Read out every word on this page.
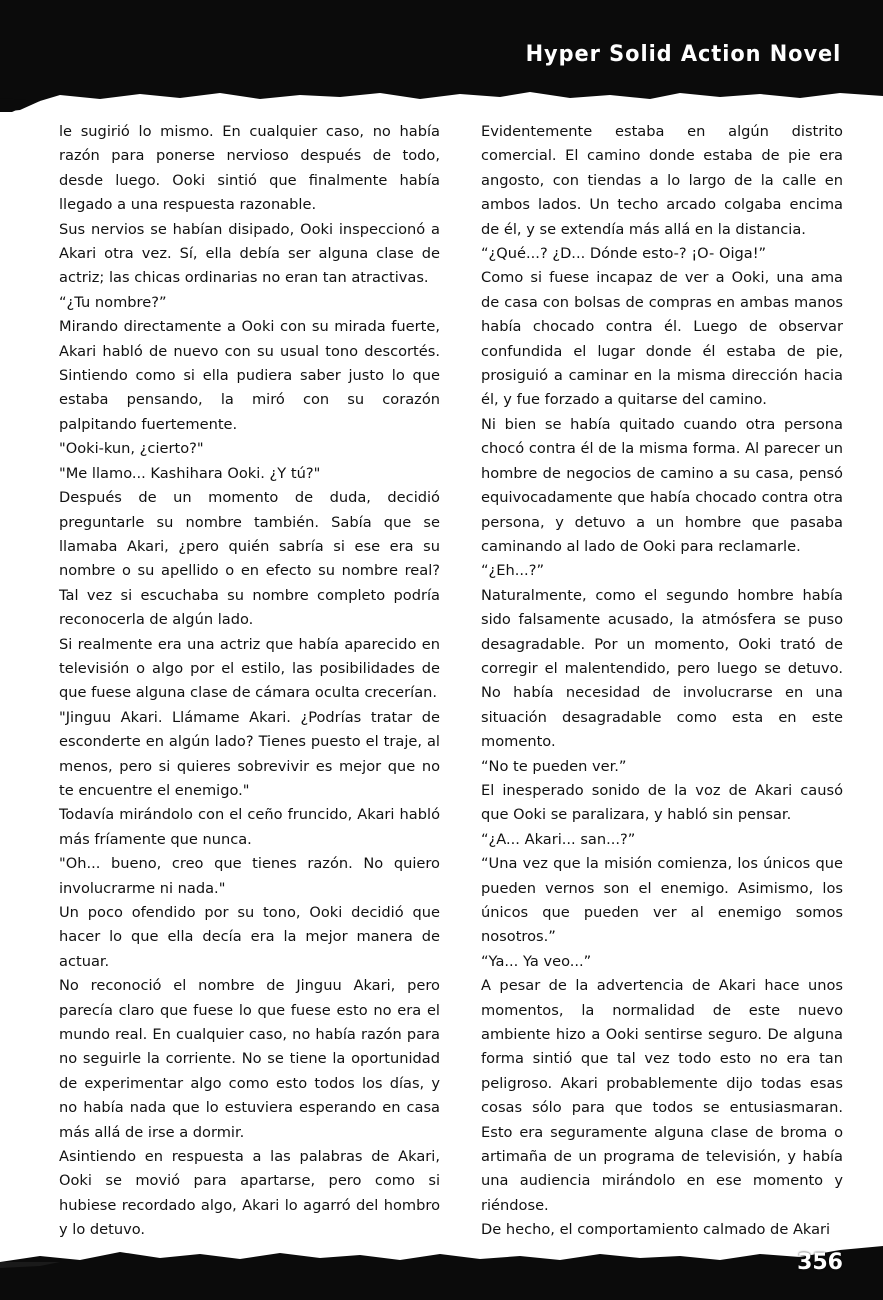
Hyper Solid Action Novel

le sugirió lo mismo. En cualquier caso, no había razón para ponerse nervioso después de todo, desde luego. Ooki sintió que finalmente había llegado a una respuesta razonable.

Sus nervios se habían disipado, Ooki inspeccionó a Akari otra vez. Sí, ella debía ser alguna clase de actriz; las chicas ordinarias no eran tan atractivas.

“¿Tu nombre?”

Mirando directamente a Ooki con su mirada fuerte, Akari habló de nuevo con su usual tono descortés. Sintiendo como si ella pudiera saber justo lo que estaba pensando, la miró con su corazón palpitando fuertemente.

"Ooki-kun, ¿cierto?"

"Me llamo... Kashihara Ooki. ¿Y tú?"

Después de un momento de duda, decidió preguntarle su nombre también. Sabía que se llamaba Akari, ¿pero quién sabría si ese era su nombre o su apellido o en efecto su nombre real? Tal vez si escuchaba su nombre completo podría reconocerla de algún lado.

Si realmente era una actriz que había aparecido en televisión o algo por el estilo, las posibilidades de que fuese alguna clase de cámara oculta crecerían.

"Jinguu Akari. Llámame Akari. ¿Podrías tratar de esconderte en algún lado? Tienes puesto el traje, al menos, pero si quieres sobrevivir es mejor que no te encuentre el enemigo."

Todavía mirándolo con el ceño fruncido, Akari habló más fríamente que nunca.

"Oh... bueno, creo que tienes razón. No quiero involucrarme ni nada."

Un poco ofendido por su tono, Ooki decidió que hacer lo que ella decía era la mejor manera de actuar.

No reconoció el nombre de Jinguu Akari, pero parecía claro que fuese lo que fuese esto no era el mundo real. En cualquier caso, no había razón para no seguirle la corriente. No se tiene la oportunidad de experimentar algo como esto todos los días, y no había nada que lo estuviera esperando en casa más allá de irse a dormir.

Asintiendo en respuesta a las palabras de Akari, Ooki se movió para apartarse, pero como si hubiese recordado algo, Akari lo agarró del hombro y lo detuvo.

Evidentemente estaba en algún distrito comercial. El camino donde estaba de pie era angosto, con tiendas a lo largo de la calle en ambos lados. Un techo arcado colgaba encima de él, y se extendía más allá en la distancia.

“¿Qué...? ¿D... Dónde esto-? ¡O- Oiga!”

Como si fuese incapaz de ver a Ooki, una ama de casa con bolsas de compras en ambas manos había chocado contra él. Luego de observar confundida el lugar donde él estaba de pie, prosiguió a caminar en la misma dirección hacia él, y fue forzado a quitarse del camino.

Ni bien se había quitado cuando otra persona chocó contra él de la misma forma. Al parecer un hombre de negocios de camino a su casa, pensó equivocadamente que había chocado contra otra persona, y detuvo a un hombre que pasaba caminando al lado de Ooki para reclamarle.

“¿Eh...?”

Naturalmente, como el segundo hombre había sido falsamente acusado, la atmósfera se puso desagradable. Por un momento, Ooki trató de corregir el malentendido, pero luego se detuvo. No había necesidad de involucrarse en una situación desagradable como esta en este momento.

“No te pueden ver.”

El inesperado sonido de la voz de Akari causó que Ooki se paralizara, y habló sin pensar.

“¿A... Akari... san...?”

“Una vez que la misión comienza, los únicos que pueden vernos son el enemigo. Asimismo, los únicos que pueden ver al enemigo somos nosotros.”

“Ya... Ya veo...”

A pesar de la advertencia de Akari hace unos momentos, la normalidad de este nuevo ambiente hizo a Ooki sentirse seguro. De alguna forma sintió que tal vez todo esto no era tan peligroso. Akari probablemente dijo todas esas cosas sólo para que todos se entusiasmaran. Esto era seguramente alguna clase de broma o artimaña de un programa de televisión, y había una audiencia mirándolo en ese momento y riéndose.

De hecho, el comportamiento calmado de Akari

356
